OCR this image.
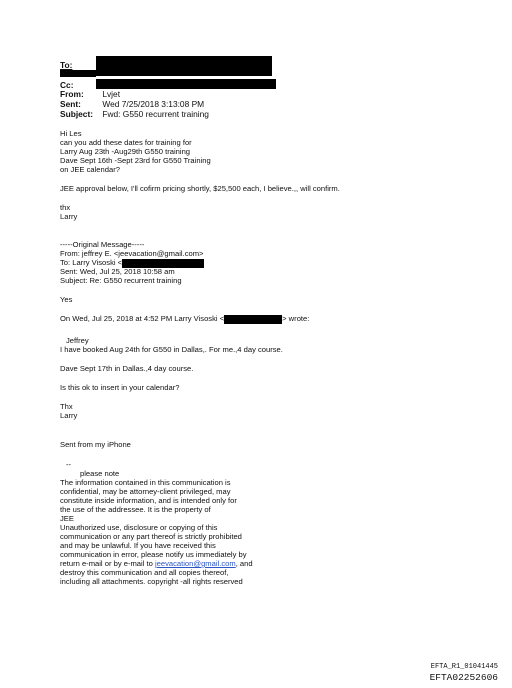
To:
Cc:
From: Lvjet
Sent:	Wed 7/25/2018 3:13:08 PM
Subject: Fwd: G550 recurrent training
Hi Les
can you add these dates for training for
Larry Aug 23th -Aug29th G550 training
Dave Sept 16th -Sept 23rd for G550 Training
on JEE calendar?
JEE approval below, I'll cofirm pricing shortly, $25,500 each, I believe.,, will confirm.
thx
Larry
-----Original Message-----
From: jeffrey E. <jeevacation@gmail.com>
To: Larry Visoski <
Sent: Wed, Jul 25, 2018 10:58 am
Subject: Re: G550 recurrent training
Yes
On Wed, Jul 25, 2018 at 4:52 PM Larry Visoski <	> wrote:
Jeffrey
I have booked Aug 24th for G550 in Dallas,. For me.,4 day course.
Dave Sept 17th in Dallas.,4 day course.
Is this ok to insert in your calendar?
Thx
Larry
Sent from my iPhone
--
please note
The information contained in this communication is
confidential, may be attorney-client privileged, may
constitute inside information, and is intended only for
the use of the addressee. It is the property of
JEE
Unauthorized use, disclosure or copying of this
communication or any part thereof is strictly prohibited
and may be unlawful. If you have received this
communication in error, please notify us immediately by
return e-mail or by e-mail to jeevacation@gmail.com, and
destroy this communication and all copies thereof,
including all attachments. copyright -all rights reserved
EFTA_R1_01041445
EFTA02252606
